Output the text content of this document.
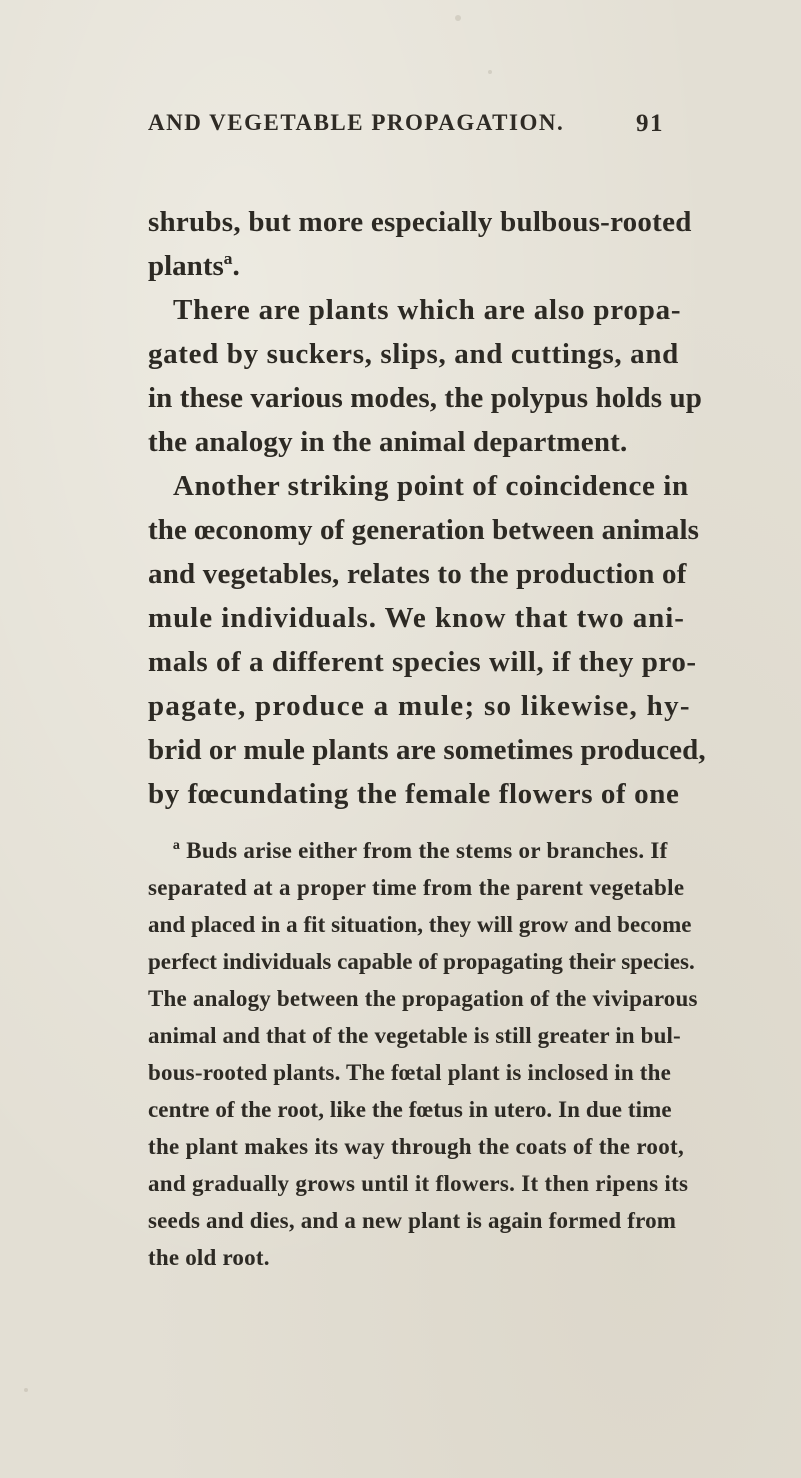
AND VEGETABLE PROPAGATION.	91
shrubs, but more especially bulbous-rooted
plantsª.
There are plants which are also propa-
gated by suckers, slips, and cuttings, and
in these various modes, the polypus holds up
the analogy in the animal department.
Another striking point of coincidence in
the œconomy of generation between animals
and vegetables, relates to the production of
mule individuals. We know that two ani-
mals of a different species will, if they pro-
pagate, produce a mule; so likewise, hy-
brid or mule plants are sometimes produced,
by fœcundating the female flowers of one
ª Buds arise either from the stems or branches. If
separated at a proper time from the parent vegetable
and placed in a fit situation, they will grow and become
perfect individuals capable of propagating their species.
The analogy between the propagation of the viviparous
animal and that of the vegetable is still greater in bul-
bous-rooted plants. The fœtal plant is inclosed in the
centre of the root, like the fœtus in utero. In due time
the plant makes its way through the coats of the root,
and gradually grows until it flowers. It then ripens its
seeds and dies, and a new plant is again formed from
the old root.
